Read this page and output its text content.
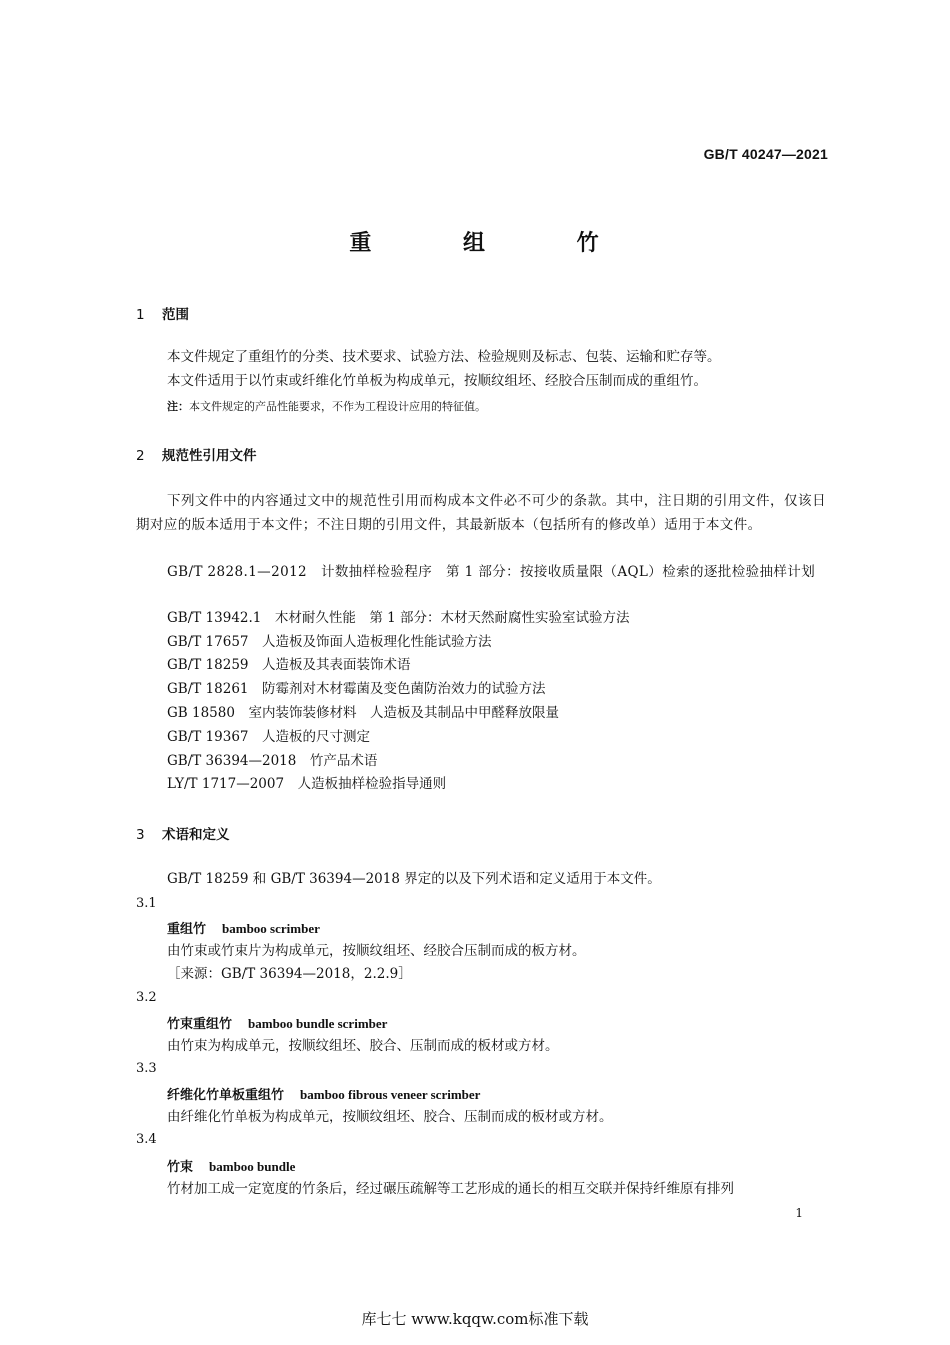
GB/T 40247—2021
重 组 竹
1 范围
本文件规定了重组竹的分类、技术要求、试验方法、检验规则及标志、包装、运输和贮存等。
本文件适用于以竹束或纤维化竹单板为构成单元，按顺纹组坯、经胶合压制而成的重组竹。
注：本文件规定的产品性能要求，不作为工程设计应用的特征值。
2 规范性引用文件
下列文件中的内容通过文中的规范性引用而构成本文件必不可少的条款。其中，注日期的引用文件，仅该日期对应的版本适用于本文件；不注日期的引用文件，其最新版本（包括所有的修改单）适用于本文件。
GB/T 2828.1—2012　计数抽样检验程序　第 1 部分：按接收质量限（AQL）检索的逐批检验抽样计划
GB/T 13942.1　木材耐久性能　第 1 部分：木材天然耐腐性实验室试验方法
GB/T 17657　人造板及饰面人造板理化性能试验方法
GB/T 18259　人造板及其表面装饰术语
GB/T 18261　防霉剂对木材霉菌及变色菌防治效力的试验方法
GB 18580　室内装饰装修材料　人造板及其制品中甲醛释放限量
GB/T 19367　人造板的尺寸测定
GB/T 36394—2018　竹产品术语
LY/T 1717—2007　人造板抽样检验指导通则
3 术语和定义
GB/T 18259 和 GB/T 36394—2018 界定的以及下列术语和定义适用于本文件。
3.1
重组竹 bamboo scrimber
由竹束或竹束片为构成单元，按顺纹组坯、经胶合压制而成的板方材。
［来源：GB/T 36394—2018，2.2.9］
3.2
竹束重组竹 bamboo bundle scrimber
由竹束为构成单元，按顺纹组坯、胶合、压制而成的板材或方材。
3.3
纤维化竹单板重组竹 bamboo fibrous veneer scrimber
由纤维化竹单板为构成单元，按顺纹组坯、胶合、压制而成的板材或方材。
3.4
竹束 bamboo bundle
竹材加工成一定宽度的竹条后，经过碾压疏解等工艺形成的通长的相互交联并保持纤维原有排列
1
库七七 www.kqqw.com标准下载
